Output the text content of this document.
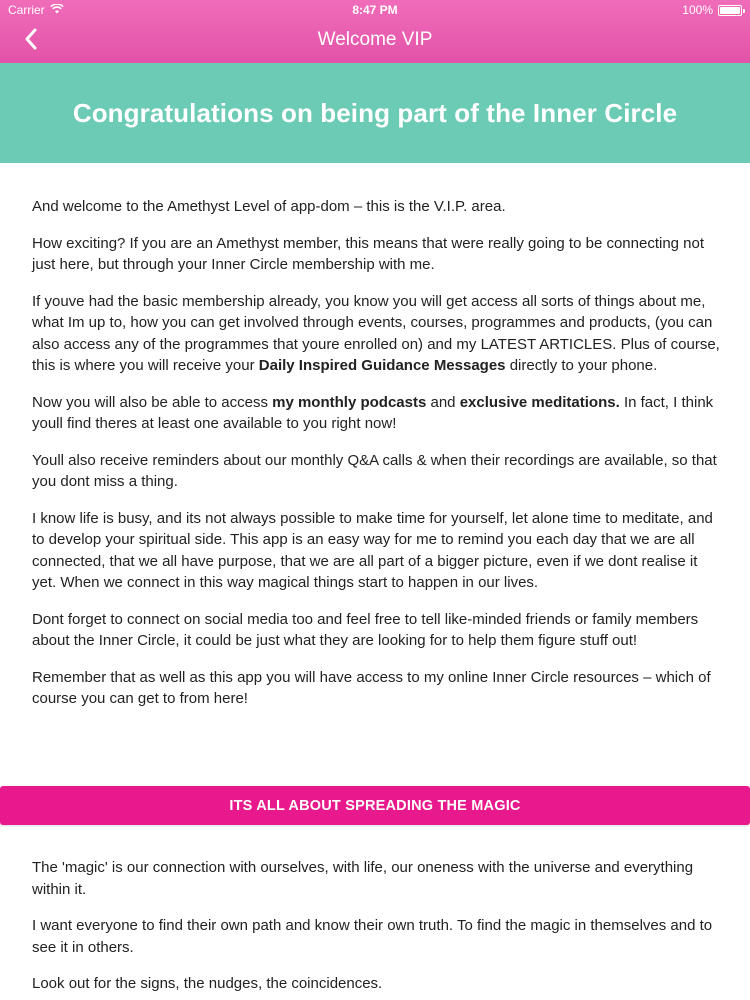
Carrier	8:47 PM	100%
Welcome VIP
Congratulations on being part of the Inner Circle

And welcome to the Amethyst Level of app-dom – this is the V.I.P. area.

How exciting? If you are an Amethyst member, this means that were really going to be connecting not just here, but through your Inner Circle membership with me.

If youve had the basic membership already, you know you will get access all sorts of things about me, what Im up to, how you can get involved through events, courses, programmes and products, (you can also access any of the programmes that youre enrolled on) and my LATEST ARTICLES. Plus of course, this is where you will receive your Daily Inspired Guidance Messages directly to your phone.

Now you will also be able to access my monthly podcasts and exclusive meditations. In fact, I think youll find theres at least one available to you right now!

Youll also receive reminders about our monthly Q&A calls & when their recordings are available, so that you dont miss a thing.

I know life is busy, and its not always possible to make time for yourself, let alone time to meditate, and to develop your spiritual side. This app is an easy way for me to remind you each day that we are all connected, that we all have purpose, that we are all part of a bigger picture, even if we dont realise it yet. When we connect in this way magical things start to happen in our lives.

Dont forget to connect on social media too and feel free to tell like-minded friends or family members about the Inner Circle, it could be just what they are looking for to help them figure stuff out!

Remember that as well as this app you will have access to my online Inner Circle resources – which of course you can get to from here!

ITS ALL ABOUT SPREADING THE MAGIC

The 'magic' is our connection with ourselves, with life, our oneness with the universe and everything within it.

I want everyone to find their own path and know their own truth. To find the magic in themselves and to see it in others.

Look out for the signs, the nudges, the coincidences.
